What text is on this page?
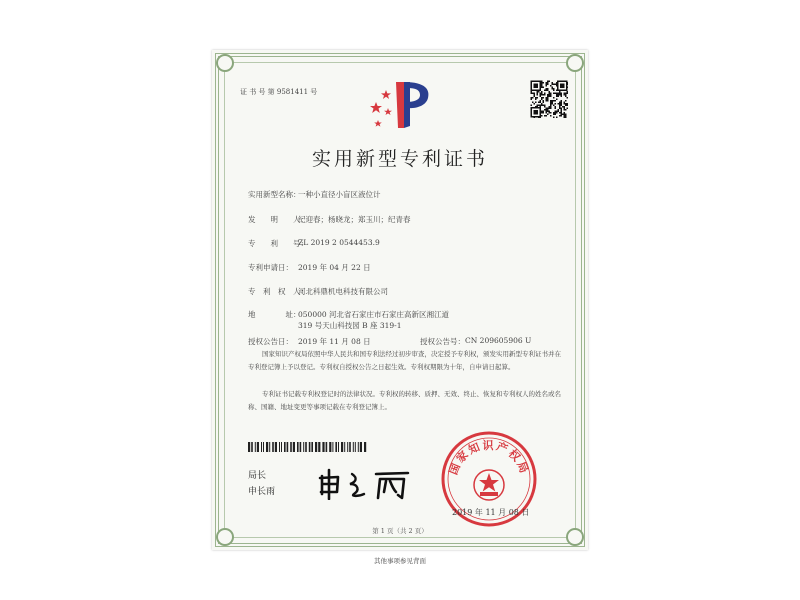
证 书 号 第 9581411 号
实用新型专利证书
实用新型名称：
一种小直径小盲区液位计
发　　明　　人：
纪迎春；杨晓龙；郑玉川；纪青春
专　　利　　号：
ZL 2019 2 0544453.9
专利申请日： 2019 年 04 月 22 日
专　利　权　人：
河北科鼎机电科技有限公司
地　　　　址：
050000 河北省石家庄市石家庄高新区湘江道 319 号天山科技园 B 座 319-1
授权公告日： 2019 年 11 月 08 日	授权公告号： CN 209605906 U
国家知识产权局依照中华人民共和国专利法经过初步审查，决定授予专利权，颁发实用新型专利证书并在专利登记簿上予以登记。专利权自授权公告之日起生效。专利权期限为十年，自申请日起算。
专利证书记载专利权登记时的法律状况。专利权的转移、质押、无效、终止、恢复和专利权人的姓名或名称、国籍、地址变更等事项记载在专利登记簿上。
局长
申长雨
国家知识产权局
2019 年 11 月 08 日
第 1 页（共 2 页）
其他事项参见背面
